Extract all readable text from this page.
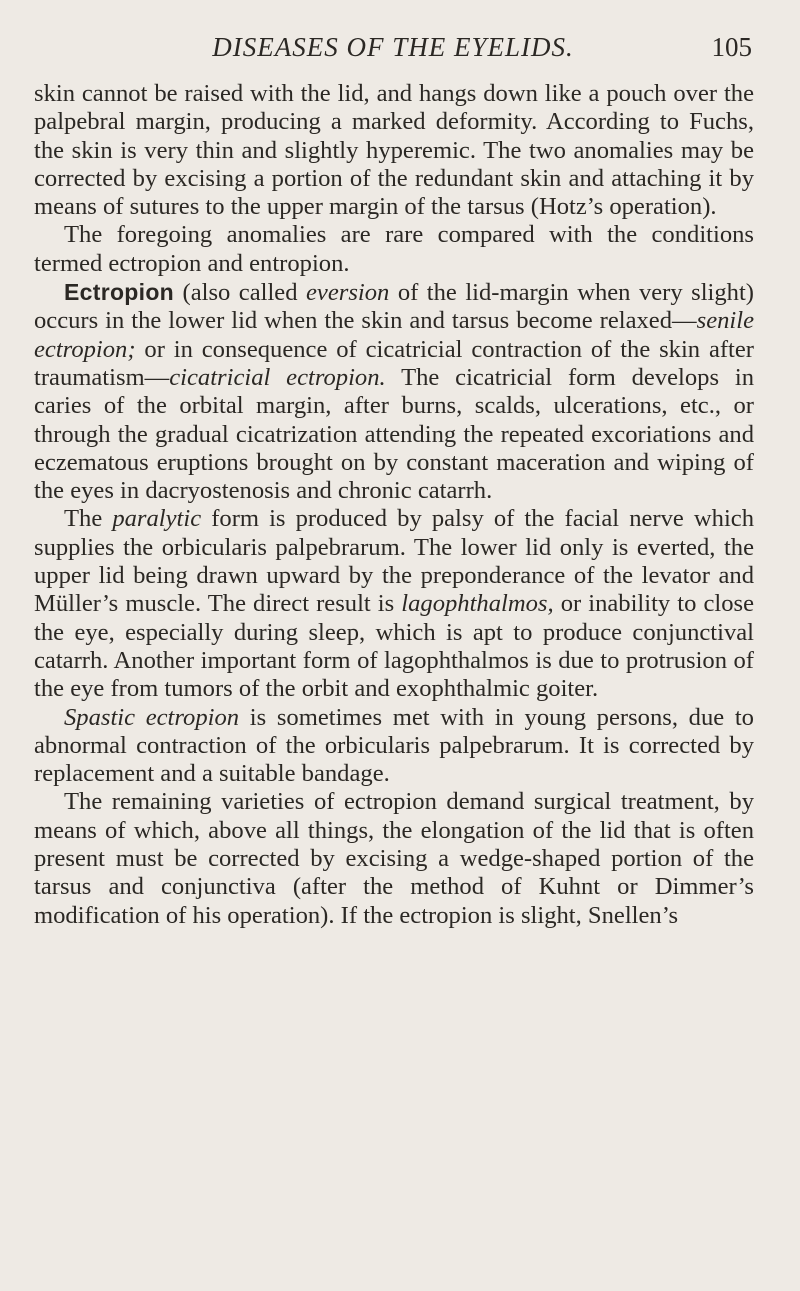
DISEASES OF THE EYELIDS.	105

skin cannot be raised with the lid, and hangs down like a pouch over the palpebral margin, producing a marked deformity. According to Fuchs, the skin is very thin and slightly hyperemic. The two anomalies may be corrected by excising a portion of the redundant skin and attaching it by means of sutures to the upper margin of the tarsus (Hotz’s operation).

The foregoing anomalies are rare compared with the conditions termed ectropion and entropion.

Ectropion (also called eversion of the lid-margin when very slight) occurs in the lower lid when the skin and tarsus become relaxed—senile ectropion; or in consequence of cicatricial contraction of the skin after traumatism—cicatricial ectropion. The cicatricial form develops in caries of the orbital margin, after burns, scalds, ulcerations, etc., or through the gradual cicatrization attending the repeated excoriations and eczematous eruptions brought on by constant maceration and wiping of the eyes in dacryostenosis and chronic catarrh.

The paralytic form is produced by palsy of the facial nerve which supplies the orbicularis palpebrarum. The lower lid only is everted, the upper lid being drawn upward by the preponderance of the levator and Müller’s muscle. The direct result is lagophthalmos, or inability to close the eye, especially during sleep, which is apt to produce conjunctival catarrh. Another important form of lagophthalmos is due to protrusion of the eye from tumors of the orbit and exophthalmic goiter.

Spastic ectropion is sometimes met with in young persons, due to abnormal contraction of the orbicularis palpebrarum. It is corrected by replacement and a suitable bandage.

The remaining varieties of ectropion demand surgical treatment, by means of which, above all things, the elongation of the lid that is often present must be corrected by excising a wedge-shaped portion of the tarsus and conjunctiva (after the method of Kuhnt or Dimmer’s modification of his operation). If the ectropion is slight, Snellen’s
